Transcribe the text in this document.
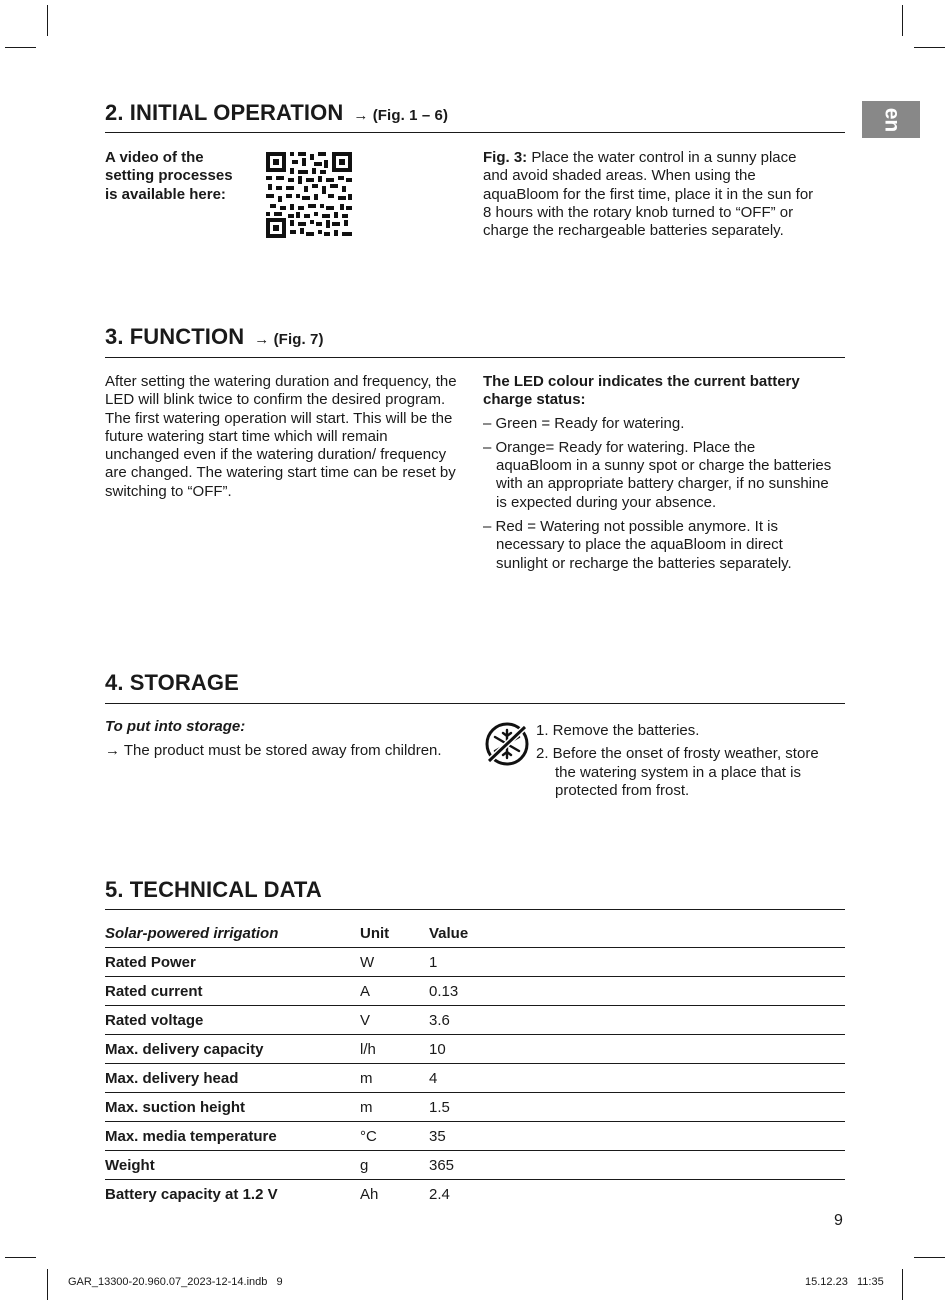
en
2. INITIAL OPERATION → (Fig. 1 – 6)
A video of the
setting processes
is available here:
Fig. 3: Place the water control in a sunny place and avoid shaded areas. When using the aquaBloom for the first time, place it in the sun for 8 hours with the rotary knob turned to “OFF” or charge the rechargeable batteries separately.
3. FUNCTION → (Fig. 7)
After setting the watering duration and frequency, the LED will blink twice to confirm the desired program. The first watering operation will start. This will be the future watering start time which will remain unchanged even if the watering duration/ frequency are changed. The watering start time can be reset by switching to “OFF”.
The LED colour indicates the current battery charge status:
– Green = Ready for watering.
– Orange= Ready for watering. Place the aquaBloom in a sunny spot or charge the batteries with an appropriate battery charger, if no sunshine is expected during your absence.
– Red = Watering not possible anymore. It is necessary to place the aquaBloom in direct sunlight or recharge the batteries separately.
4. STORAGE
To put into storage:
→ The product must be stored away from children.
1. Remove the batteries.
2. Before the onset of frosty weather, store the watering system in a place that is protected from frost.
5. TECHNICAL DATA
Solar-powered irrigation	Unit	Value
Rated Power	W	1
Rated current	A	0.13
Rated voltage	V	3.6
Max. delivery capacity	l/h	10
Max. delivery head	m	4
Max. suction height	m	1.5
Max. media temperature	°C	35
Weight	g	365
Battery capacity at 1.2 V	Ah	2.4
9
GAR_13300-20.960.07_2023-12-14.indb   9	15.12.23   11:35
